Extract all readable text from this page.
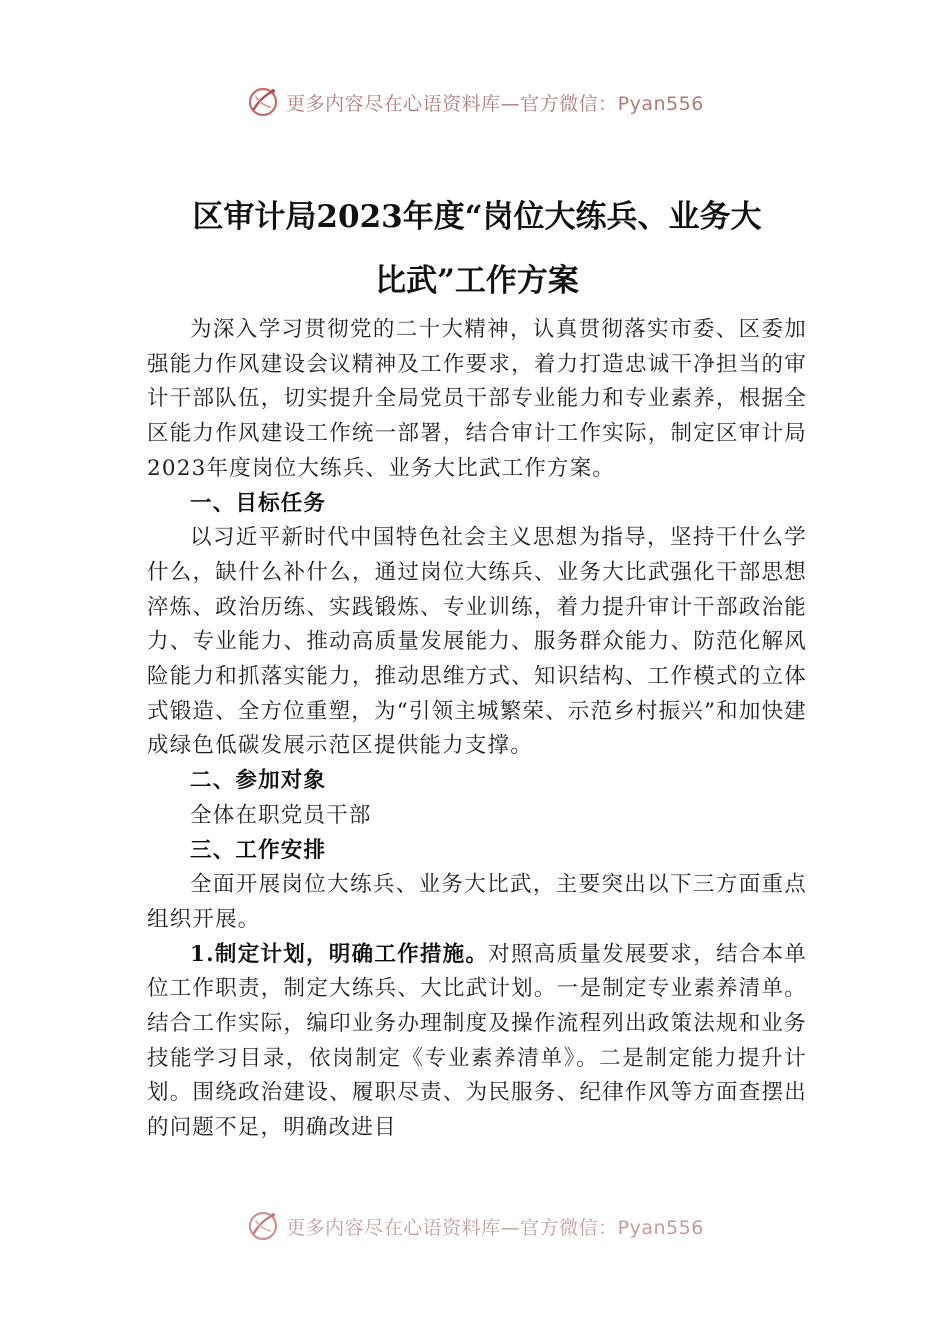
更多内容尽在心语资料库—官方微信：Pyan556
区审计局2023年度“岗位大练兵、业务大
比武”工作方案

为深入学习贯彻党的二十大精神，认真贯彻落实市委、区委加强能力作风建设会议精神及工作要求，着力打造忠诚干净担当的审计干部队伍，切实提升全局党员干部专业能力和专业素养，根据全区能力作风建设工作统一部署，结合审计工作实际，制定区审计局2023年度岗位大练兵、业务大比武工作方案。

一、目标任务

以习近平新时代中国特色社会主义思想为指导，坚持干什么学什么，缺什么补什么，通过岗位大练兵、业务大比武强化干部思想淬炼、政治历练、实践锻炼、专业训练，着力提升审计干部政治能力、专业能力、推动高质量发展能力、服务群众能力、防范化解风险能力和抓落实能力，推动思维方式、知识结构、工作模式的立体式锻造、全方位重塑，为“引领主城繁荣、示范乡村振兴”和加快建成绿色低碳发展示范区提供能力支撑。

二、参加对象

全体在职党员干部

三、工作安排

全面开展岗位大练兵、业务大比武，主要突出以下三方面重点组织开展。

1.制定计划，明确工作措施。对照高质量发展要求，结合本单位工作职责，制定大练兵、大比武计划。一是制定专业素养清单。结合工作实际，编印业务办理制度及操作流程列出政策法规和业务技能学习目录，依岗制定《专业素养清单》。二是制定能力提升计划。围绕政治建设、履职尽责、为民服务、纪律作风等方面查摆出的问题不足，明确改进目

更多内容尽在心语资料库—官方微信：Pyan556
